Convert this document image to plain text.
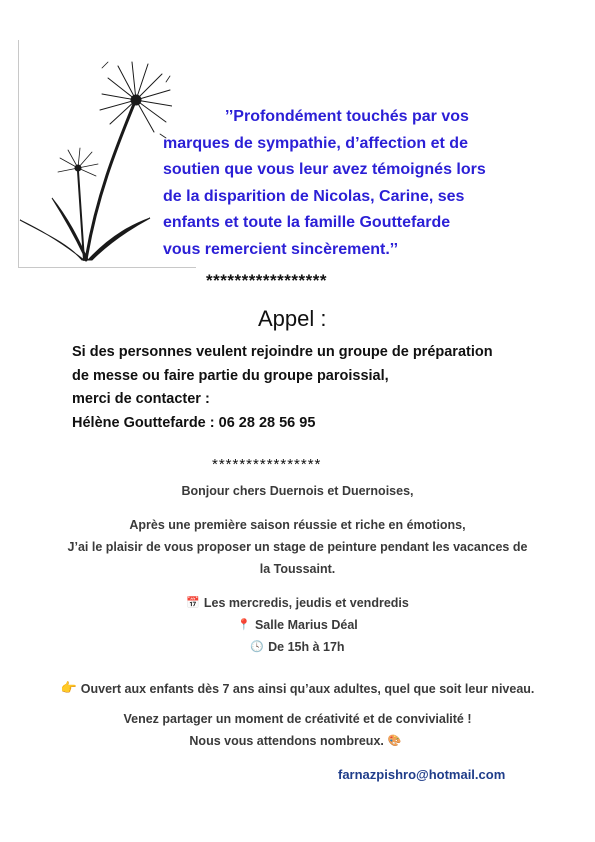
’’Profondément touchés par vos
marques de sympathie, d’affection et de
soutien que vous leur avez témoignés lors
de la disparition de Nicolas, Carine, ses
enfants et toute la famille Gouttefarde
vous remercient sincèrement.’’
*****************
Appel :
Si des personnes veulent rejoindre un groupe de préparation
de messe ou faire partie du groupe paroissial,
merci de contacter :
Hélène Gouttefarde : 06 28 28 56 95
****************
Bonjour chers Duernois et Duernoises,
Après une première saison réussie et riche en émotions,
J’ai le plaisir de vous proposer un stage de peinture pendant les vacances de
la Toussaint.
📅 Les mercredis, jeudis et vendredis
📍 Salle Marius Déal
🕓 De 15h à 17h
👉 Ouvert aux enfants dès 7 ans ainsi qu’aux adultes, quel que soit leur niveau.
Venez partager un moment de créativité et de convivialité !
Nous vous attendons nombreux. 🎨
farnazpishro@hotmail.com
